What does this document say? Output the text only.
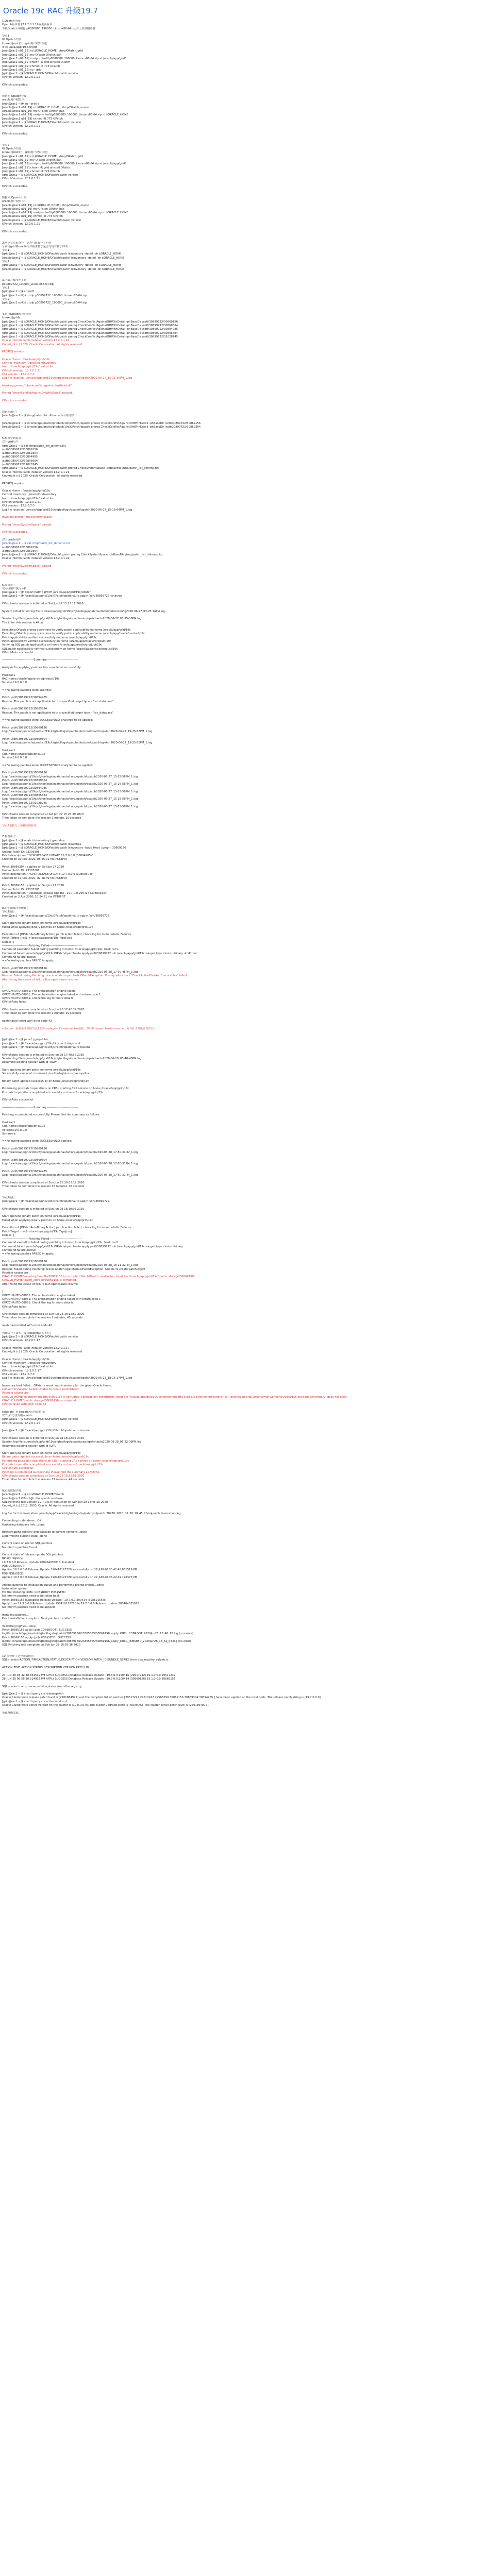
Oracle 19c RAC 升级19.7
1.Opatch升级：
Opatch版本要求12.2.0.1.19或更高版本
下载Opatch升级包 p6880880_190000_Linux-x86-64.zip并上传到服务器
节点1：
GI Opatch升级：
Linux(用root)下，grid用户权限下进：
# cd /u01/app/19.3.0/grid
[root@rac1 u01_19] cd $ORACLE_HOME ; /tmp/OPatch_grid
[root@rac1 u01_19] mv OPatch OPatch.bak
[root@rac1 u01_19] unzip -o /soft/p6880880_190000_Linux-x86-64.zip -d /oracle/app/grid/
[root@rac1 u01_19] chown -R grid:oinstall OPatch
[root@rac1 u01_19] chmod -R 775 OPatch
[root@rac1 u01_19] su - grid
[grid@rac1 ~]$ $ORACLE_HOME/OPatch/opatch version
OPatch Version: 12.2.0.1.21
OPatch succeeded.
数据库 Opatch升级：
oracle用户权限下：
[root@rac1 ~]# su - oracle
[oracle@rac1 u01_19] cd $ORACLE_HOME ; /tmp/OPatch_oracle
[oracle@rac1 u01_19] mv OPatch OPatch.bak
[oracle@rac1 u01_19] unzip -o /soft/p6880880_190000_Linux-x86-64.zip -d $ORACLE_HOME
[oracle@rac1 u01_19] chmod -R 775 OPatch
[oracle@rac1 ~]$ $ORACLE_HOME/OPatch/opatch version
OPatch Version: 12.2.0.1.21
OPatch succeeded.
节点2：
GI Opatch升级：
Linux(用root)下，grid用户权限下进：
[root@rac2 u01_19] cd $ORACLE_HOME ; /tmp/OPatch_grid
[root@rac2 u01_19] mv OPatch OPatch.bak
[root@rac2 u01_19] unzip -o /soft/p6880880_190000_Linux-x86-64.zip -d /oracle/app/grid/
[root@rac2 u01_19] chown -R grid:oinstall OPatch
[root@rac2 u01_19] chmod -R 775 OPatch
[grid@rac2 ~]$ $ORACLE_HOME/OPatch/opatch version
OPatch Version: 12.2.0.1.21
OPatch succeeded.
数据库 Opatch升级：
oracle用户权限下：
[oracle@rac2 u01_19] cd $ORACLE_HOME ; /tmp/OPatch_oracle
[oracle@rac2 u01_19] mv OPatch OPatch.bak
[oracle@rac2 u01_19] unzip -o /soft/p6880880_190000_Linux-x86-64.zip -d $ORACLE_HOME
[oracle@rac2 u01_19] chmod -R 775 OPatch
[oracle@rac2 ~]$ $ORACLE_HOME/OPatch/opatch version
OPatch Version: 12.2.0.1.21
OPatch succeeded.
2.两个节点检查补丁是否与现有补丁冲突
分别用grid和oracle用户检查补丁是否与现有补丁冲突：
节点1：
[grid@rac1 ~]$ $ORACLE_HOME/OPatch/opatch lsinventory -detail -oh $ORACLE_HOME
[oracle@rac1 ~]$ $ORACLE_HOME/OPatch/opatch lsinventory -detail -oh $ORACLE_HOME
节点2：
[grid@rac2 ~]$ $ORACLE_HOME/OPatch/opatch lsinventory -detail -oh $ORACLE_HOME
[oracle@rac2 ~]$ $ORACLE_HOME/OPatch/opatch lsinventory -detail -oh $ORACLE_HOME
3.下载并解压补丁包
p30899722_190000_Linux-x86-64.zip
节点1：
[grid@rac1 ~]$ cd /soft
[grid@rac1 soft]$ unzip p30899722_190000_Linux-x86-64.zip
节点2：
[grid@rac2 soft]$ unzip p30899722_190000_Linux-x86-64.zip
4.执行Opatch冲突检查
Linux(用grid)：
[grid@rac1 ~]$ $ORACLE_HOME/OPatch/opatch prereq CheckConflictAgainstOHWithDetail -phBaseDir /soft/30899722/30869156
[grid@rac1 ~]$ $ORACLE_HOME/OPatch/opatch prereq CheckConflictAgainstOHWithDetail -phBaseDir /soft/30899722/30869304
[grid@rac1 ~]$ $ORACLE_HOME/OPatch/opatch prereq CheckConflictAgainstOHWithDetail -phBaseDir /soft/30899722/30894985
[grid@rac1 ~]$ $ORACLE_HOME/OPatch/opatch prereq CheckConflictAgainstOHWithDetail -phBaseDir /soft/30899722/30805684
[grid@rac1 ~]$ $ORACLE_HOME/OPatch/opatch prereq CheckConflictAgainstOHWithDetail -phBaseDir /soft/30899722/31028245
Oracle Interim Patch Installer version 12.2.0.1.21
Copyright (c) 2020, Oracle Corporation. All rights reserved.
PREREQ session
Oracle Home : /oracle/app/grid/19c
Central Inventory : /oracle/oraInventory
from : /oracle/app/grid/19c/oraInst.loc
OPatch version : 12.2.0.1.21
OUI version : 12.2.0.7.0
Log file location : /oracle/app/grid/19c/cfgtoollogs/opatch/opatch2020-06-27_15-11-36PM_1.log
Invoking prereq "checkconflictagainstohwithdetail"
Prereq "checkConflictAgainstOHWithDetail" passed.
OPatch succeeded.
数据库用户：
[oracle@rac1 ~]$ /tmp/patch_list_dbhome.txt 的内容：
[oracle@rac1 ~]$ /oracle/app/oracle/product/19c/OPatch/opatch prereq CheckConflictAgainstOHWithDetail -phBaseDir /soft/30899722/30869156
[oracle@rac1 ~]$ /oracle/app/oracle/product/19c/OPatch/opatch prereq CheckConflictAgainstOHWithDetail -phBaseDir /soft/30899722/30869304
5.检查空间需求
对于grid用户：
[grid@rac1 ~]$ cat /tmp/patch_list_gihome.txt
/soft/30899722/30869156
/soft/30899722/30869304
/soft/30899722/30894985
/soft/30899722/30805684
/soft/30899722/31028245
[grid@rac1 ~]$ $ORACLE_HOME/OPatch/opatch prereq CheckSystemSpace -phBaseFile /tmp/patch_list_gihome.txt
Oracle Interim Patch Installer version 12.2.0.1.21
Copyright (c) 2020, Oracle Corporation. All rights reserved.
PREREQ session
Oracle Home : /oracle/app/grid/19c
Central Inventory : /oracle/oraInventory
from : /oracle/app/grid/19c/oraInst.loc
OPatch version : 12.2.0.1.21
OUI version : 12.2.0.7.0
Log file location : /oracle/app/grid/19c/cfgtoollogs/opatch/opatch2020-06-27_15-18-04PM_1.log
Invoking prereq "checksystemspace"
Prereq "checkSystemSpace" passed.
OPatch succeeded.
对于oracle用户：
[oracle@rac1 ~]$ cat /tmp/patch_list_dbhome.txt
/soft/30899722/30869156
/soft/30899722/30869304
[oracle@rac1 ~]$ $ORACLE_HOME/OPatch/opatch prereq CheckSystemSpace -phBaseFile /tmp/patch_list_dbhome.txt
Oracle Interim Patch Installer version 12.2.0.1.21
Prereq "checkSystemSpace" passed.
OPatch succeeded.
6.分析补丁
以root用户执行分析：
[root@rac1 ~]# export PATH=$PATH:/oracle/app/grid/19c/OPatch
[root@rac1 ~]# /oracle/app/grid/19c/OPatch/opatchauto apply /soft/30899722 -analyze
OPatchauto session is initiated at Sat Jun 27 15:25:11 2020
System initialization log file is /oracle/app/grid/19c/cfgtoollogs/opatchautodb/systemconfig2020-06-27_03-25-14PM.log.
Session log file is /oracle/app/grid/19c/cfgtoollogs/opatchauto/opatchauto2020-06-27_03-25-38PM.log
The id for this session is 4RLW
Executing OPatch prereq operations to verify patch applicability on home /oracle/app/grid/19c
Executing OPatch prereq operations to verify patch applicability on home /oracle/app/oracle/product/19c
Patch applicability verified successfully on home /oracle/app/grid/19c
Patch applicability verified successfully on home /oracle/app/oracle/product/19c
Verifying SQL patch applicability on home /oracle/app/oracle/product/19c
SQL patch applicability verified successfully on home /oracle/app/oracle/product/19c
OPatchAuto successful.
--------------------------------Summary--------------------------------
Analysis for applying patches has completed successfully:
Host:rac1
RAC Home:/oracle/app/oracle/product/19c
Version:19.0.0.0.0
==Following patches were SKIPPED:
Patch: /soft/30899722/30894985
Reason: This patch is not applicable to this specified target type - "rac_database"
Patch: /soft/30899722/30805684
Reason: This patch is not applicable to this specified target type - "rac_database"
==Following patches were SUCCESSFULLY analyzed to be applied:
Patch: /soft/30899722/30869156
Log: /oracle/app/oracle/product/19c/cfgtoollogs/opatchauto/core/opatch/opatch2020-06-27_15-25-58PM_1.log
Patch: /soft/30899722/30869304
Log: /oracle/app/oracle/product/19c/cfgtoollogs/opatchauto/core/opatch/opatch2020-06-27_15-25-58PM_1.log
Host:rac1
CRS Home:/oracle/app/grid/19c
Version:19.0.0.0.0
==Following patches were SUCCESSFULLY analyzed to be applied:
Patch: /soft/30899722/30869156
Log: /oracle/app/grid/19c/cfgtoollogs/opatchauto/core/opatch/opatch2020-06-27_15-25-58PM_1.log
Patch: /soft/30899722/30869304
Log: /oracle/app/grid/19c/cfgtoollogs/opatchauto/core/opatch/opatch2020-06-27_15-25-58PM_1.log
Patch: /soft/30899722/30894985
Log: /oracle/app/grid/19c/cfgtoollogs/opatchauto/core/opatch/opatch2020-06-27_15-25-58PM_1.log
Patch: /soft/30899722/30805684
Log: /oracle/app/grid/19c/cfgtoollogs/opatchauto/core/opatch/opatch2020-06-27_15-25-58PM_1.log
Patch: /soft/30899722/31028245
Log: /oracle/app/grid/19c/cfgtoollogs/opatchauto/core/opatch/opatch2020-06-27_15-25-58PM_1.log
OPatchauto session completed at Sat Jun 27 15:26:39 2020
Time taken to complete the session 1 minute, 19 seconds
节点2也执行上面相同的操作。
7.检查补丁
[grid@rac1 ~]$ opatch lsinventory | grep desc
[grid@rac1 ~]$ $ORACLE_HOME/OPatch/opatch lspatches
[grid@rac1 ~]$ $ORACLE_HOME/OPatch/opatch lsinventory -bugs_fixed | grep -i 30869156
Unique Patch ID: 23305305
Patch description: "OCW RELEASE UPDATE 19.7.0.0.0 (30894985)"
Created on 30 Mar 2020, 05:25:01 hrs PST8PDT
Patch 30869304 : applied on Sat Jun 27 2020
Unique Patch ID: 23305301
Patch description: "ACFS RELEASE UPDATE 19.7.0.0.0 (30869304)"
Created on 19 Mar 2020, 02:28:49 hrs PST8PDT
Patch 30869156 : applied on Sat Jun 27 2020
Unique Patch ID: 23305305
Patch description: "Database Release Update : 19.7.0.0.200414 (30869156)"
Created on 2 Apr 2020, 10:24:21 hrs PST8PDT
8.给下面顺序升级补丁
节点1执行：
[root@rac1 ~]# /oracle/app/grid/19c/OPatch/opatchauto apply /soft/30899722
Start applying binary patch on home /oracle/app/grid/19c
Failed while applying binary patches on home /oracle/app/grid/19c
Execution of [OPatchAutoBinaryAction] patch action failed, check log for more details. Failures:
Patch Target : rac1->/oracle/app/grid/19c Type[crs]
Details: [
---------------------------Patching Failed---------------------------------
Command execution failed during patching in home: /oracle/app/grid/19c, host: rac1.
Command failed: /oracle/app/grid/19c/OPatch/opatchauto apply /soft/30899722 -oh /oracle/app/grid/19c -target_type cluster -binary -invPtrLoc
Command failure output:
==Following patches FAILED in apply:
Patch: /soft/30899722/30869156
Log: /oracle/app/grid/19c/cfgtoollogs/opatchauto/core/opatch/opatch2020-06-28_17-39-45PM_1.log
Reason: Failed during Patching: oracle.opatch.opatchsdk.OPatchException: Prerequisite check "CheckActiveFilesAndExecutables" failed.
After fixing the cause of failure Run opatchauto resume
]
OPATCHAUTO-68061: The orchestration engine failed.
OPATCHAUTO-68061: The orchestration engine failed with return code 1
OPATCHAUTO-68061: Check the log for more details.
OPatchAuto failed.
OPatchauto session completed at Sun Jun 28 17:40:24 2020
Time taken to complete the session 1 minute, 29 seconds
opatchauto failed with error code 42
solution：需要手动停用节点1上的cssdagent和cssdmonitor进程，然后执行opatchauto resume，所有补丁都能正常打好。
[grid@rac1 ~]$ ps -ef | grep d.bin
[root@rac1 ~]# /oracle/app/grid/19c/bin/crsctl stop crs -f
[root@rac1 ~]# /oracle/app/grid/19c/OPatch/opatchauto resume
OPatchauto session is initiated at Sun Jun 28 17:48:36 2020
Session log file is /oracle/app/grid/19c/cfgtoollogs/opatchauto/opatchauto2020-06-28_05-48-40PM.log
Resuming existing session with id 4RLW
Start applying binary patch on home /oracle/app/grid/19c
Successfully executed command: /usr/bin/sqlplus -s / as sysdba
Binary patch applied successfully on home /oracle/app/grid/19c
Performing postpatch operations on CRS - starting CRS service on home /oracle/app/grid/19c
Postpatch operation completed successfully on home /oracle/app/grid/19c
OPatchAuto successful.
--------------------------------Summary--------------------------------
Patching is completed successfully. Please find the summary as follows:
Host:rac1
CRS Home:/oracle/app/grid/19c
Version:19.0.0.0.0
Summary:
==Following patches were SUCCESSFULLY applied:
Patch: /soft/30899722/30869156
Log: /oracle/app/grid/19c/cfgtoollogs/opatchauto/core/opatch/opatch2020-06-28_17-50-31PM_1.log
Patch: /soft/30899722/30869304
Log: /oracle/app/grid/19c/cfgtoollogs/opatchauto/core/opatch/opatch2020-06-28_17-50-31PM_1.log
Patch: /soft/30899722/30894985
Log: /oracle/app/grid/19c/cfgtoollogs/opatchauto/core/opatch/opatch2020-06-28_17-50-31PM_1.log
OPatchauto session completed at Sun Jun 28 18:05:12 2020
Time taken to complete the session 16 minutes, 36 seconds
节点2执行：
[root@rac2 ~]# /oracle/app/grid/19c/OPatch/opatchauto apply /soft/30899722
OPatchauto session is initiated at Sun Jun 28 18:10:05 2020
Start applying binary patch on home /oracle/app/grid/19c
Failed while applying binary patches on home /oracle/app/grid/19c
Execution of [OPatchAutoBinaryAction] patch action failed, check log for more details. Failures:
Patch Target : rac2->/oracle/app/grid/19c Type[crs]
Details: [
---------------------------Patching Failed---------------------------------
Command execution failed during patching in home: /oracle/app/grid/19c, host: rac2.
Command failed: /oracle/app/grid/19c/OPatch/opatchauto apply /soft/30899722 -oh /oracle/app/grid/19c -target_type cluster -binary
Command failure output:
==Following patches FAILED in apply:
Patch: /soft/30899722/30869156
Log: /oracle/app/grid/19c/cfgtoollogs/opatchauto/core/opatch/opatch2020-06-28_18-11-22PM_1.log
Reason: Failed during Patching: oracle.opatch.opatchsdk.OPatchException: Unable to create patchObject
Possible causes are:
ORACLE_HOME/inventory/oneoffs/30869156 is corrupted. PatchObject constructor: Input file "/oracle/app/grid/19c/.patch_storage/30869156"
ORACLE_HOME/.patch_storage/30869156 is corrupted.
After fixing the cause of failure Run opatchauto resume
]
OPATCHAUTO-68061: The orchestration engine failed.
OPATCHAUTO-68061: The orchestration engine failed with return code 1
OPATCHAUTO-68061: Check the log for more details.
OPatchAuto failed.
OPatchauto session completed at Sun Jun 28 18:12:50 2020
Time taken to complete the session 2 minutes, 45 seconds
opatchauto failed with error code 42
再确认一下版本，发现opatch版本不对：
[grid@rac2 ~]$ $ORACLE_HOME/OPatch/opatch version
OPatch Version: 12.2.0.1.17
Oracle Interim Patch Installer version 12.2.0.1.17
Copyright (c) 2020, Oracle Corporation. All rights reserved.
Oracle Home : /oracle/app/grid/19c
Central Inventory : /oracle/oraInventory
from : /oracle/app/grid/19c/oraInst.loc
OPatch version : 12.2.0.1.17
OUI version : 12.2.0.7.0
Log file location : /oracle/app/grid/19c/cfgtoollogs/opatch/opatch2020-06-28_18-16-17PM_1.log
Inventory load failed... OPatch cannot load inventory for the given Oracle Home.
LsInventorySession failed: Unable to create patchObject
Possible causes are:
ORACLE_HOME/inventory/oneoffs/30869156 is corrupted. PatchObject constructor: Input file "/oracle/app/grid/19c/inventory/oneoffs/30869156/etc/config/actions" or "/oracle/app/grid/19c/inventory/oneoffs/30869156/etc/config/inventory" does not exist.
ORACLE_HOME/.patch_storage/30869156 is corrupted.
OPatch failed with error code 73
solution：更新opatch后再次执行：
以节点1方法升级opatch：
[grid@rac2 ~]$ $ORACLE_HOME/OPatch/opatch version
OPatch Version: 12.2.0.1.21
[root@rac2 ~]# /oracle/app/grid/19c/OPatch/opatchauto resume
OPatchauto session is initiated at Sun Jun 28 18:22:07 2020
Session log file is /oracle/app/grid/19c/cfgtoollogs/opatchauto/opatchauto2020-06-28_06-22-09PM.log
Resuming existing session with id A2PU
Start applying binary patch on home /oracle/app/grid/19c
Binary patch applied successfully on home /oracle/app/grid/19c
Performing postpatch operations on CRS - starting CRS service on home /oracle/app/grid/19c
Postpatch operation completed successfully on home /oracle/app/grid/19c
OPatchAuto successful.
Patching is completed successfully. Please find the summary as follows:
OPatchauto session completed at Sun Jun 28 18:39:51 2020
Time taken to complete the session 17 minutes, 44 seconds
9.更新数据字典
[oracle@rac1 ~]$ cd $ORACLE_HOME/OPatch
[oracle@rac1 OPatch]$ ./datapatch -verbose
SQL Patching tool version 19.7.0.0.0 Production on Sun Jun 28 18:45:20 2020
Copyright (c) 2012, 2020, Oracle. All rights reserved.
Log file for this invocation: /oracle/app/oracle/cfgtoollogs/sqlpatch/sqlpatch_28430_2020_06_28_18_45_20/sqlpatch_invocation.log
Connecting to database...OK
Gathering database info...done
Bootstrapping registry and package to current versions...done
Determining current state...done
Current state of interim SQL patches:
No interim patches found
Current state of release update SQL patches:
Binary registry:
19.7.0.0.0 Release_Update 200404035018: Installed
PDB CDB$ROOT:
Applied 19.3.0.0.0 Release_Update 190410122720 successfully on 27-JUN-20 03.42.48.861519 PM
PDB PDB$SEED:
Applied 19.3.0.0.0 Release_Update 190410122720 successfully on 27-JUN-20 03.42.49.120373 PM
Adding patches to installation queue and performing prereq checks...done
Installation queue:
For the following PDBs: CDB$ROOT PDB$SEED
No interim patches need to be rolled back
Patch 30869156 (Database Release Update : 19.7.0.0.200414 (30869156)):
Apply from 19.3.0.0.0 Release_Update 190410122720 to 19.7.0.0.0 Release_Update 200404035018
No interim patches need to be applied
Installing patches...
Patch installation complete. Total patches installed: 2
Validating logfiles...done
Patch 30869156 apply (pdb CDB$ROOT): SUCCESS
logfile: /oracle/app/oracle/cfgtoollogs/sqlpatch/30869156/23305305/30869156_apply_ORCL_CDBROOT_2020Jun28_18_46_12.log (no errors)
Patch 30869156 apply (pdb PDB$SEED): SUCCESS
logfile: /oracle/app/oracle/cfgtoollogs/sqlpatch/30869156/23305305/30869156_apply_ORCL_PDBSEED_2020Jun28_18_51_03.log (no errors)
SQL Patching tool complete on Sun Jun 28 18:55:36 2020
10.检查补丁是否升级成功
SQL> select ACTION_TIME,ACTION,STATUS,DESCRIPTION,VERSION,PATCH_ID,BUNDLE_SERIES from dba_registry_sqlpatch;
ACTION_TIME ACTION STATUS DESCRIPTION VERSION PATCH_ID
------------------------------- -------- --------- ------------------------------------------------------ ----------- ----------
27-JUN-20 03.42.48.861519 PM APPLY SUCCESS Database Release Update : 19.3.0.0.190416 (29517242) 19.1.0.0.0 29517242
28-JUN-20 06.55.30.514932 PM APPLY SUCCESS Database Release Update : 19.7.0.0.200414 (30869156) 19.1.0.0.0 30869156
SQL> select comp_name,version,status from dba_registry;
[grid@rac1 ~]$ crsctl query crs releasepatch
Oracle Clusterware release patch level is [2701864972] and the complete list of patches [29517242 29517247 29585399 30869156 30869304 30894985 ] have been applied on the local node. The release patch string is [19.7.0.0.0].
[grid@rac1 ~]$ crsctl query crs activeversion -f
Oracle Clusterware active version on the cluster is [19.0.0.0.0]. The cluster upgrade state is [NORMAL]. The cluster active patch level is [2701864972].
至此升级完成。
